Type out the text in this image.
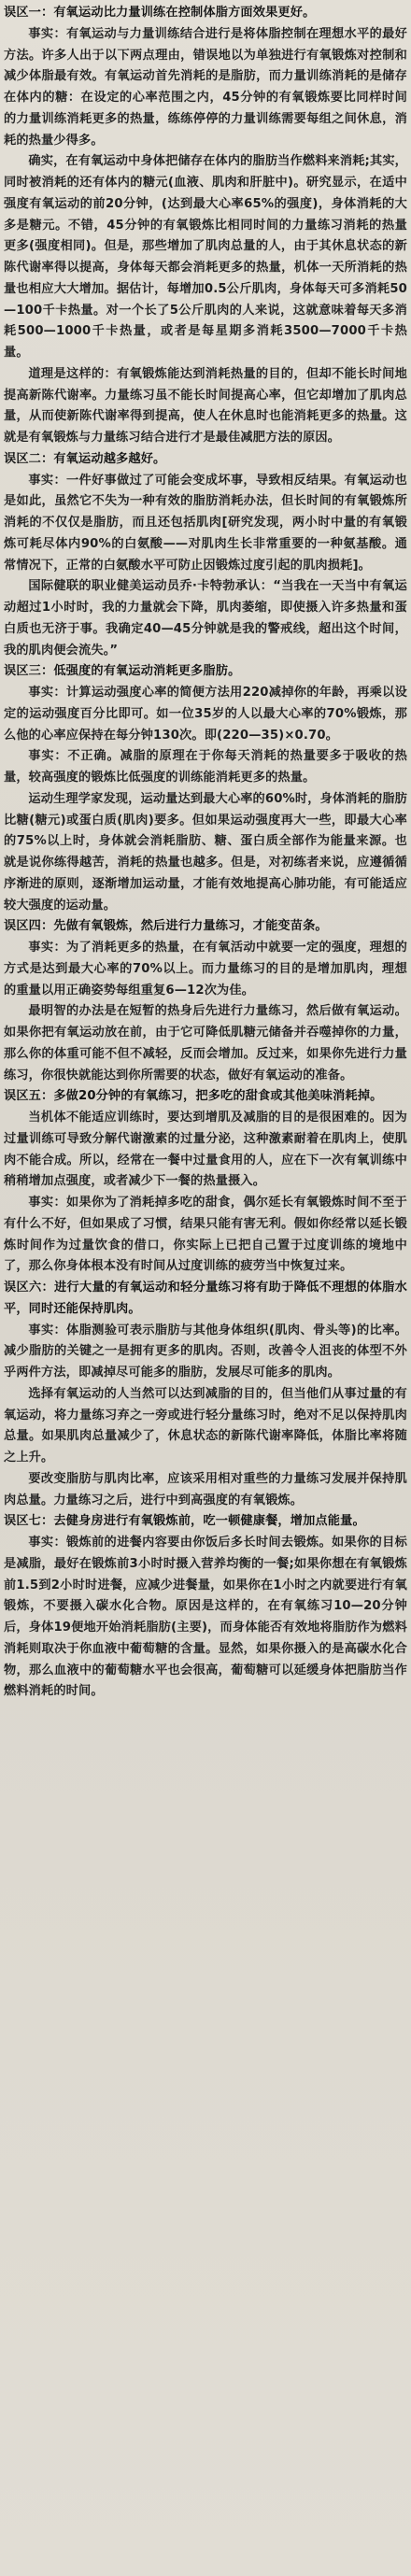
误区一：有氧运动比力量训练在控制体脂方面效果更好。

事实：有氧运动与力量训练结合进行是将体脂控制在理想水平的最好方法。许多人出于以下两点理由，错误地以为单独进行有氧锻炼对控制和减少体脂最有效。有氧运动首先消耗的是脂肪，而力量训练消耗的是储存在体内的糖：在设定的心率范围之内，45分钟的有氧锻炼要比同样时间的力量训练消耗更多的热量，练练停停的力量训练需要每组之间休息，消耗的热量少得多。

确实，在有氧运动中身体把储存在体内的脂肪当作燃料来消耗;其实，同时被消耗的还有体内的糖元(血液、肌肉和肝脏中)。研究显示，在适中强度有氧运动的前20分钟，(达到最大心率65%的强度)，身体消耗的大多是糖元。不错，45分钟的有氧锻炼比相同时间的力量练习消耗的热量更多(强度相同)。但是，那些增加了肌肉总量的人，由于其休息状态的新陈代谢率得以提高，身体每天都会消耗更多的热量，机体一天所消耗的热量也相应大大增加。据估计，每增加0.5公斤肌肉，身体每天可多消耗50—100千卡热量。对一个长了5公斤肌肉的人来说，这就意味着每天多消耗500—1000千卡热量，或者是每星期多消耗3500—7000千卡热量。

道理是这样的：有氧锻炼能达到消耗热量的目的，但却不能长时间地提高新陈代谢率。力量练习虽不能长时间提高心率，但它却增加了肌肉总量，从而使新陈代谢率得到提高，使人在休息时也能消耗更多的热量。这就是有氧锻炼与力量练习结合进行才是最佳减肥方法的原因。

误区二：有氧运动越多越好。

事实：一件好事做过了可能会变成坏事，导致相反结果。有氧运动也是如此，虽然它不失为一种有效的脂肪消耗办法，但长时间的有氧锻炼所消耗的不仅仅是脂肪，而且还包括肌肉[研究发现，两小时中量的有氧锻炼可耗尽体内90%的白氨酸——对肌肉生长非常重要的一种氨基酸。通常情况下，正常的白氨酸水平可防止因锻炼过度引起的肌肉损耗]。

国际健联的职业健美运动员乔·卡特勃承认：“当我在一天当中有氧运动超过1小时时，我的力量就会下降，肌肉萎缩，即使摄入许多热量和蛋白质也无济于事。我确定40—45分钟就是我的警戒线，超出这个时间，我的肌肉便会流失。”

误区三：低强度的有氧运动消耗更多脂肪。

事实：计算运动强度心率的简便方法用220减掉你的年龄，再乘以设定的运动强度百分比即可。如一位35岁的人以最大心率的70%锻炼，那么他的心率应保持在每分钟130次。即(220—35)×0.70。

事实：不正确。减脂的原理在于你每天消耗的热量要多于吸收的热量，较高强度的锻炼比低强度的训练能消耗更多的热量。

运动生理学家发现，运动量达到最大心率的60%时，身体消耗的脂肪比糖(糖元)或蛋白质(肌肉)要多。但如果运动强度再大一些，即最大心率的75%以上时，身体就会消耗脂肪、糖、蛋白质全部作为能量来源。也就是说你练得越苦，消耗的热量也越多。但是，对初练者来说，应遵循循序渐进的原则，逐渐增加运动量，才能有效地提高心肺功能，有可能适应较大强度的运动量。

误区四：先做有氧锻炼，然后进行力量练习，才能变苗条。

事实：为了消耗更多的热量，在有氧活动中就要一定的强度，理想的方式是达到最大心率的70%以上。而力量练习的目的是增加肌肉，理想的重量以用正确姿势每组重复6—12次为佳。

最明智的办法是在短暂的热身后先进行力量练习，然后做有氧运动。如果你把有氧运动放在前，由于它可降低肌糖元储备并吞噬掉你的力量，那么你的体重可能不但不减轻，反而会增加。反过来，如果你先进行力量练习，你很快就能达到你所需要的状态，做好有氧运动的准备。

误区五：多做20分钟的有氧练习，把多吃的甜食或其他美味消耗掉。

当机体不能适应训练时，要达到增肌及减脂的目的是很困难的。因为过量训练可导致分解代谢激素的过量分泌，这种激素耐着在肌肉上，使肌肉不能合成。所以，经常在一餐中过量食用的人，应在下一次有氧训练中稍稍增加点强度，或者减少下一餐的热量摄入。

事实：如果你为了消耗掉多吃的甜食，偶尔延长有氧锻炼时间不至于有什么不好，但如果成了习惯，结果只能有害无利。假如你经常以延长锻炼时间作为过量饮食的借口，你实际上已把自己置于过度训练的境地中了，那么你身体根本没有时间从过度训练的疲劳当中恢复过来。

误区六：进行大量的有氧运动和轻分量练习将有助于降低不理想的体脂水平，同时还能保持肌肉。

事实：体脂测验可表示脂肪与其他身体组织(肌肉、骨头等)的比率。减少脂肪的关键之一是拥有更多的肌肉。否则，改善令人沮丧的体型不外乎两件方法，即减掉尽可能多的脂肪，发展尽可能多的肌肉。

选择有氧运动的人当然可以达到减脂的目的，但当他们从事过量的有氧运动，将力量练习弃之一旁或进行轻分量练习时，绝对不足以保持肌肉总量。如果肌肉总量减少了，休息状态的新陈代谢率降低，体脂比率将随之上升。

要改变脂肪与肌肉比率，应该采用相对重些的力量练习发展并保持肌肉总量。力量练习之后，进行中到高强度的有氧锻炼。

误区七：去健身房进行有氧锻炼前，吃一顿健康餐，增加点能量。

事实：锻炼前的进餐内容要由你饭后多长时间去锻炼。如果你的目标是减脂，最好在锻炼前3小时时摄入营养均衡的一餐;如果你想在有氧锻炼前1.5到2小时时进餐，应减少进餐量，如果你在1小时之内就要进行有氧锻炼，不要摄入碳水化合物。原因是这样的，在有氧练习10—20分钟后，身体19便地开始消耗脂肪(主要)，而身体能否有效地将脂肪作为燃料消耗则取决于你血液中葡萄糖的含量。显然，如果你摄入的是高碳水化合物，那么血液中的葡萄糖水平也会很高，葡萄糖可以延缓身体把脂肪当作燃料消耗的时间。
